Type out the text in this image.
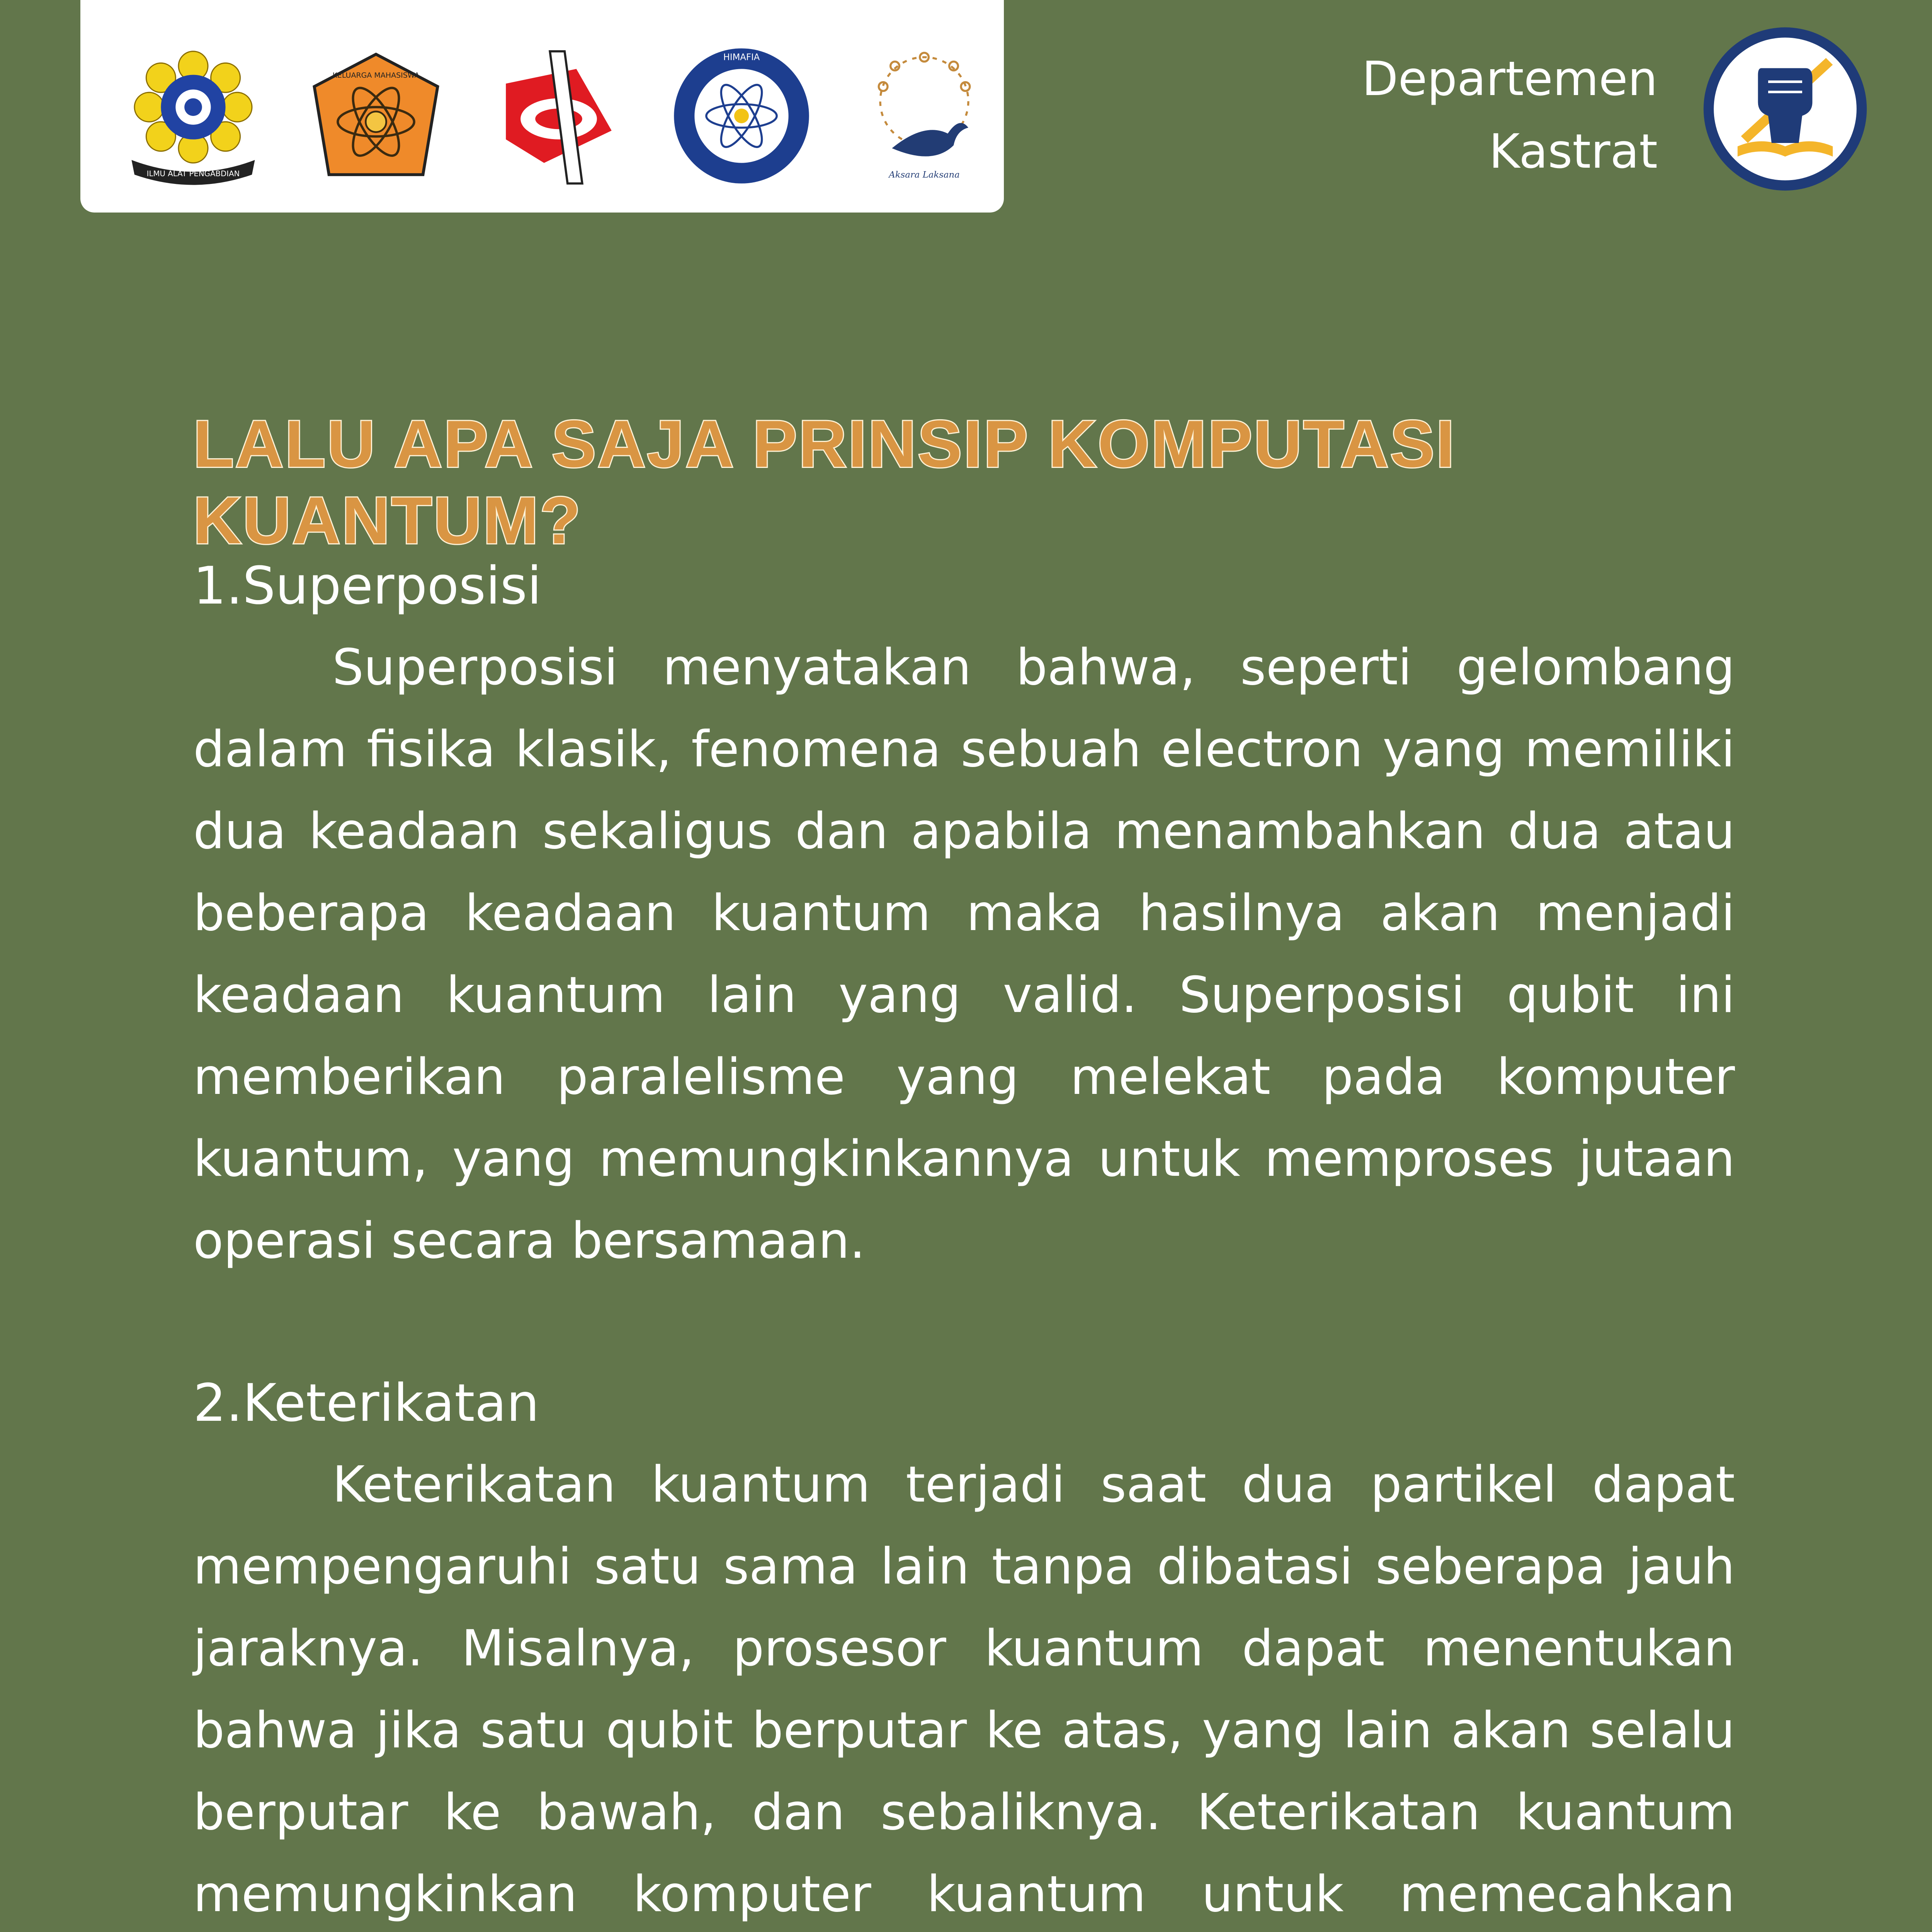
ILMU ALAT PENGABDIAN
KELUARGA MAHASISWA
HIMAFIA
Aksara Laksana
Departemen
Kastrat
LALU APA SAJA PRINSIP KOMPUTASI KUANTUM?

1.Superposisi

Superposisi menyatakan bahwa, seperti gelombang dalam fisika klasik, fenomena sebuah electron yang memiliki dua keadaan sekaligus dan apabila menambahkan dua atau beberapa keadaan kuantum maka hasilnya akan menjadi keadaan kuantum lain yang valid. Superposisi qubit ini memberikan paralelisme yang melekat pada komputer kuantum, yang memungkinkannya untuk memproses jutaan operasi secara bersamaan.

2.Keterikatan

Keterikatan kuantum terjadi saat dua partikel dapat mempengaruhi satu sama lain tanpa dibatasi seberapa jauh jaraknya. Misalnya, prosesor kuantum dapat menentukan bahwa jika satu qubit berputar ke atas, yang lain akan selalu berputar ke bawah, dan sebaliknya. Keterikatan kuantum memungkinkan komputer kuantum untuk memecahkan
